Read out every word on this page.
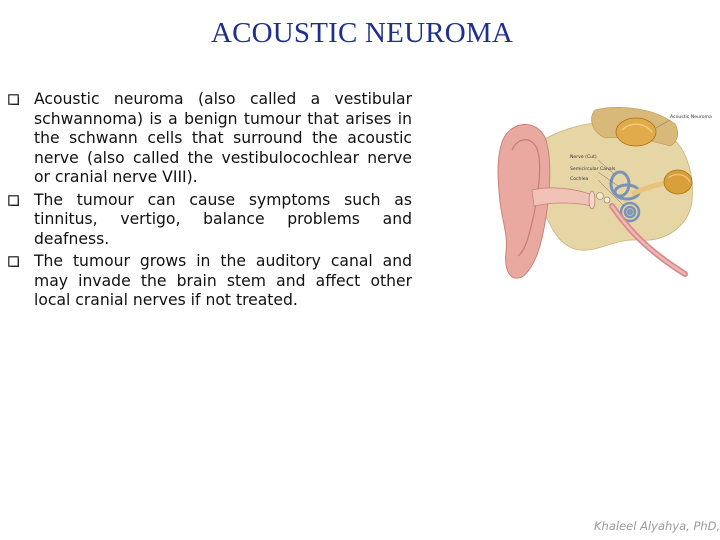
ACOUSTIC NEUROMA
Acoustic neuroma (also called a vestibular schwannoma) is a benign tumour that arises in the schwann cells that surround the acoustic nerve (also called the vestibulocochlear nerve or cranial nerve VIII).
The tumour can cause symptoms such as tinnitus, vertigo, balance problems and deafness.
The tumour grows in the auditory canal and may invade the brain stem and affect other local cranial nerves if not treated.
Acoustic Neuroma
Nerve (Cut)
Semicircular Canals
Cochlea
Khaleel Alyahya, PhD,
